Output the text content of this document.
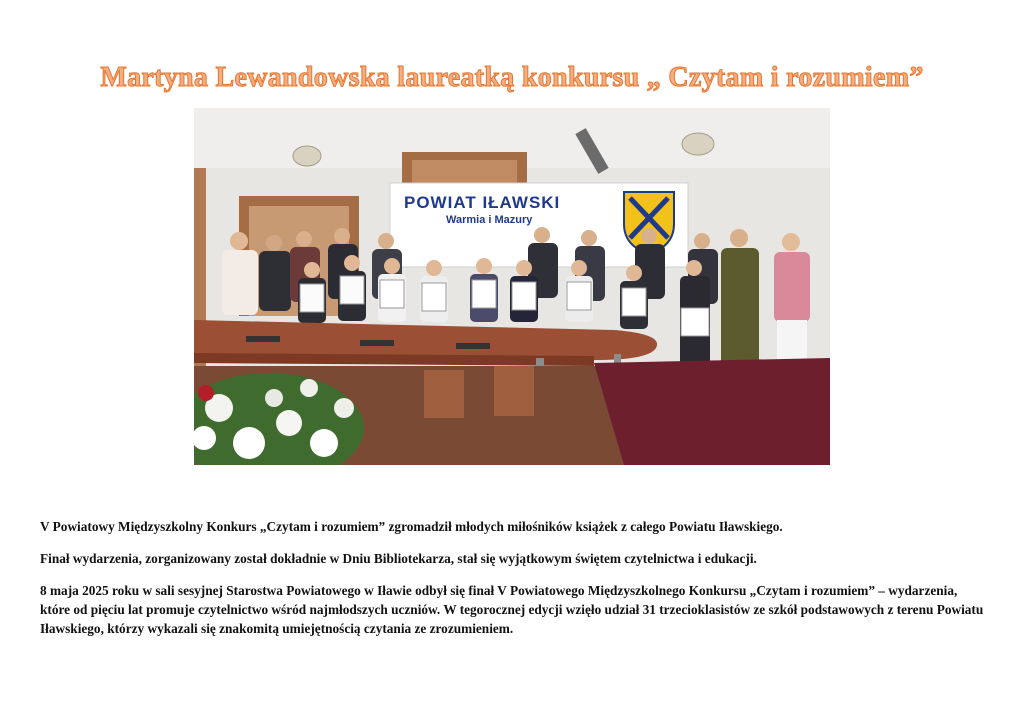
Martyna Lewandowska laureatką konkursu „ Czytam i rozumiem”
POWIAT IŁAWSKI
Warmia i Mazury

V Powiatowy Międzyszkolny Konkurs „Czytam i rozumiem” zgromadził młodych miłośników książek z całego Powiatu Iławskiego.

Finał wydarzenia, zorganizowany został dokładnie w Dniu Bibliotekarza, stał się wyjątkowym świętem czytelnictwa i edukacji.

8 maja 2025 roku w sali sesyjnej Starostwa Powiatowego w Iławie odbył się finał V Powiatowego Międzyszkolnego Konkursu „Czytam i rozumiem” – wydarzenia, które od pięciu lat promuje czytelnictwo wśród najmłodszych uczniów. W tegorocznej edycji wzięło udział 31 trzecioklasistów ze szkół podstawowych z terenu Powiatu Iławskiego, którzy wykazali się znakomitą umiejętnością czytania ze zrozumieniem.
